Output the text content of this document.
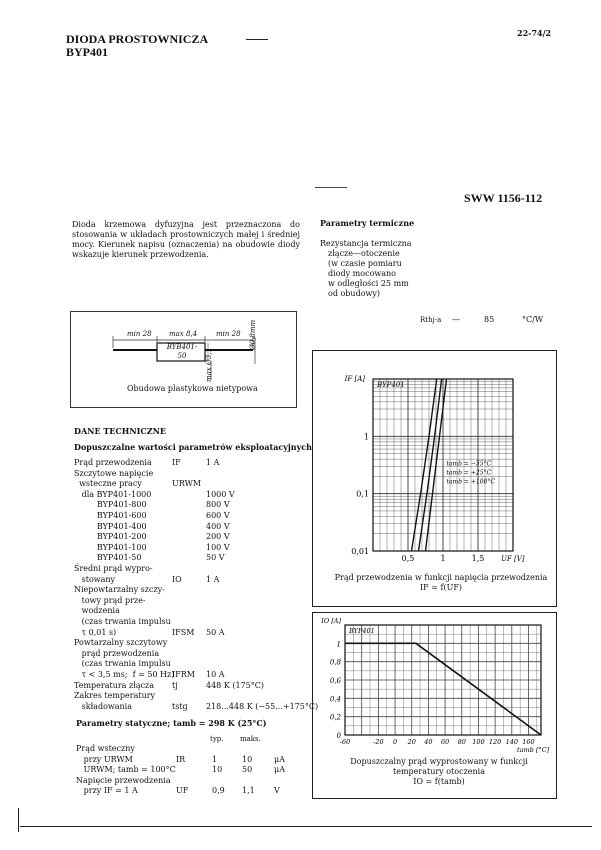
DIODA PROSTOWNICZA
BYP401
22-74/2
SWW 1156-112
Dioda krzemowa dyfuzyjna jest przeznaczona do stosowania w układach prostowniczych małej i średniej mocy. Kierunek napisu (oznaczenia) na obudowie diody wskazuje kierunek przewodzenia.
Parametry termiczne
Rezystancja termiczna
złącze—otoczenie
(w czasie pomiaru
diody mocowano
w odległości 25 mm
od obudowy)
Rthj-a —	85	°C/W
min 28 max 8,4	min 28 Ø0,8mm
max Ø3,1
BYB401-
50
Obudowa plastykowa nietypowa
DANE TECHNICZNE
Dopuszczalne wartości parametrów eksploatacyjnych
Prąd przewodzenia	IF	1 A
Szczytowe napięcie
wsteczne pracy	URWM
dla BYP401-1000	1000 V
BYP401-800	800 V
BYP401-600	600 V
BYP401-400	400 V
BYP401-200	200 V
BYP401-100	100 V
BYP401-50	50 V
Średni prąd wypro-
stowany	IO	1 A
Niepowtarzalny szczy-
towy prąd prze-
wodzenia
(czas trwania impulsu
τ 0,01 s)	IFSM 50 A
Powtarzalny szczytowy
prąd przewodzenia
(czas trwania impulsu
τ < 3,5 ms;  f = 50 Hz)
IFRM 10 A
Temperatura złącza tj	448 K (175°C)
Zakres temperatury
składowania	tstg 218...448 K (−55...+175°C)
Parametry statyczne; tamb = 298 K (25°C)
typ. maks.
Prąd wsteczny
przy URWM	IR	1	10	μA
URWM; tamb = 100°C	10 50	μA
Napięcie przewodzenia
przy IF = 1 A	UF	0,9 1,1 V
1
0,1
0,01
0,5	1	1,5
IF [A]
UF [V]
BYP401
tamb = −55°C
tamb = +25°C
tamb = +100°C
Prąd przewodzenia w funkcji napięcia przewodzenia
IF = f(UF)
1
0,8
0,6
0,4
0,2
0
-60	-20 0 20 40 60 80 100 120 140 160
IO [A]
tamb [°C]
BYP401
Dopuszczalny prąd wyprostowany w funkcji temperatury otoczenia
IO = f(tamb)
